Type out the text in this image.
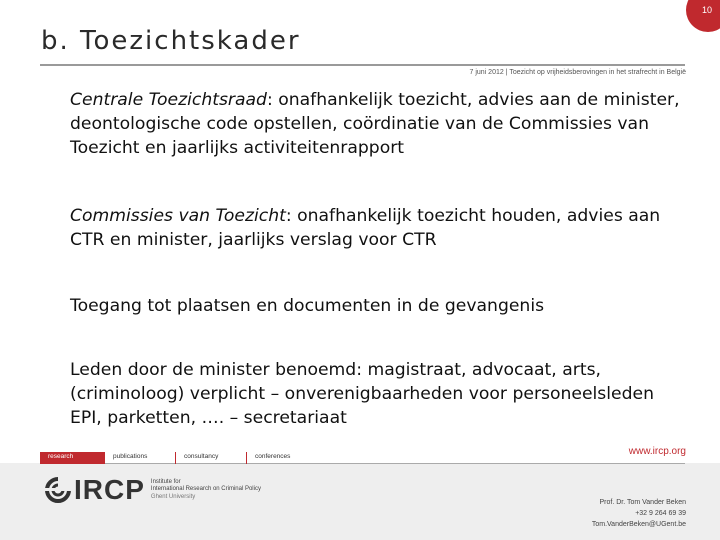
10
b. Toezichtskader
7 juni 2012 | Toezicht op vrijheidsberovingen in het strafrecht in België

Centrale Toezichtsraad: onafhankelijk toezicht, advies aan de minister, deontologische code opstellen, coördinatie van de Commissies van Toezicht en jaarlijks activiteitenrapport

Commissies van Toezicht: onafhankelijk toezicht houden, advies aan CTR en minister, jaarlijks verslag voor CTR

Toegang tot plaatsen en documenten in de gevangenis

Leden door de minister benoemd: magistraat, advocaat, arts, (criminoloog) verplicht – onverenigbaarheden voor personeelsleden EPI, parketten, …. – secretariaat

research	publications	consultancy	conferences	www.ircp.org
IRCP Institute for
International Research on Criminal Policy
Ghent University
Prof. Dr. Tom Vander Beken
+32 9 264 69 39
Tom.VanderBeken@UGent.be
